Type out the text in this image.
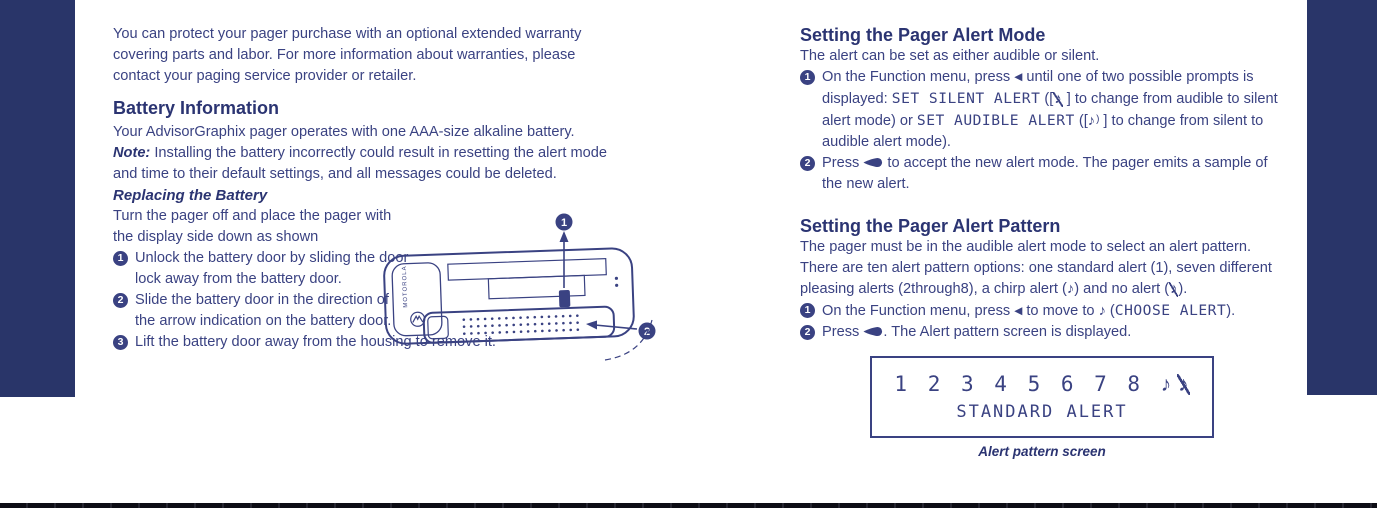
You can protect your pager purchase with an optional extended warranty covering parts and labor. For more information about warranties, please contact your paging service provider or retailer.

Battery Information

Your AdvisorGraphix pager operates with one AAA-size alkaline battery.

Note: Installing the battery incorrectly could result in resetting the alert mode and time to their default settings, and all messages could be deleted.

Replacing the Battery

Turn the pager off and place the pager with the display side down as shown

1 Unlock the battery door by sliding the door lock away from the battery door.
2 Slide the battery door in the direction of the arrow indication on the battery door.
3 Lift the battery door away from the housing to remove it.
MOTOROLA
1
2
Setting the Pager Alert Mode

The alert can be set as either audible or silent.

1 On the Function menu, press ◀ until one of two possible prompts is displayed: SET SILENT ALERT ([♪ ] to change from audible to silent alert mode) or SET AUDIBLE ALERT ([♪ ) ] to change from silent to audible alert mode).
2 Press  to accept the new alert mode. The pager emits a sample of the new alert.
Setting the Pager Alert Pattern

The pager must be in the audible alert mode to select an alert pattern. There are ten alert pattern options: one standard alert (1), seven different pleasing alerts (2through8), a chirp alert (♪) and no alert (♪).

1 On the Function menu, press ◀ to move to ♪ (CHOOSE ALERT).
2 Press . The Alert pattern screen is displayed.
1 2 3 4 5 6 7 8 ♪ ♪
STANDARD ALERT
Alert pattern screen
